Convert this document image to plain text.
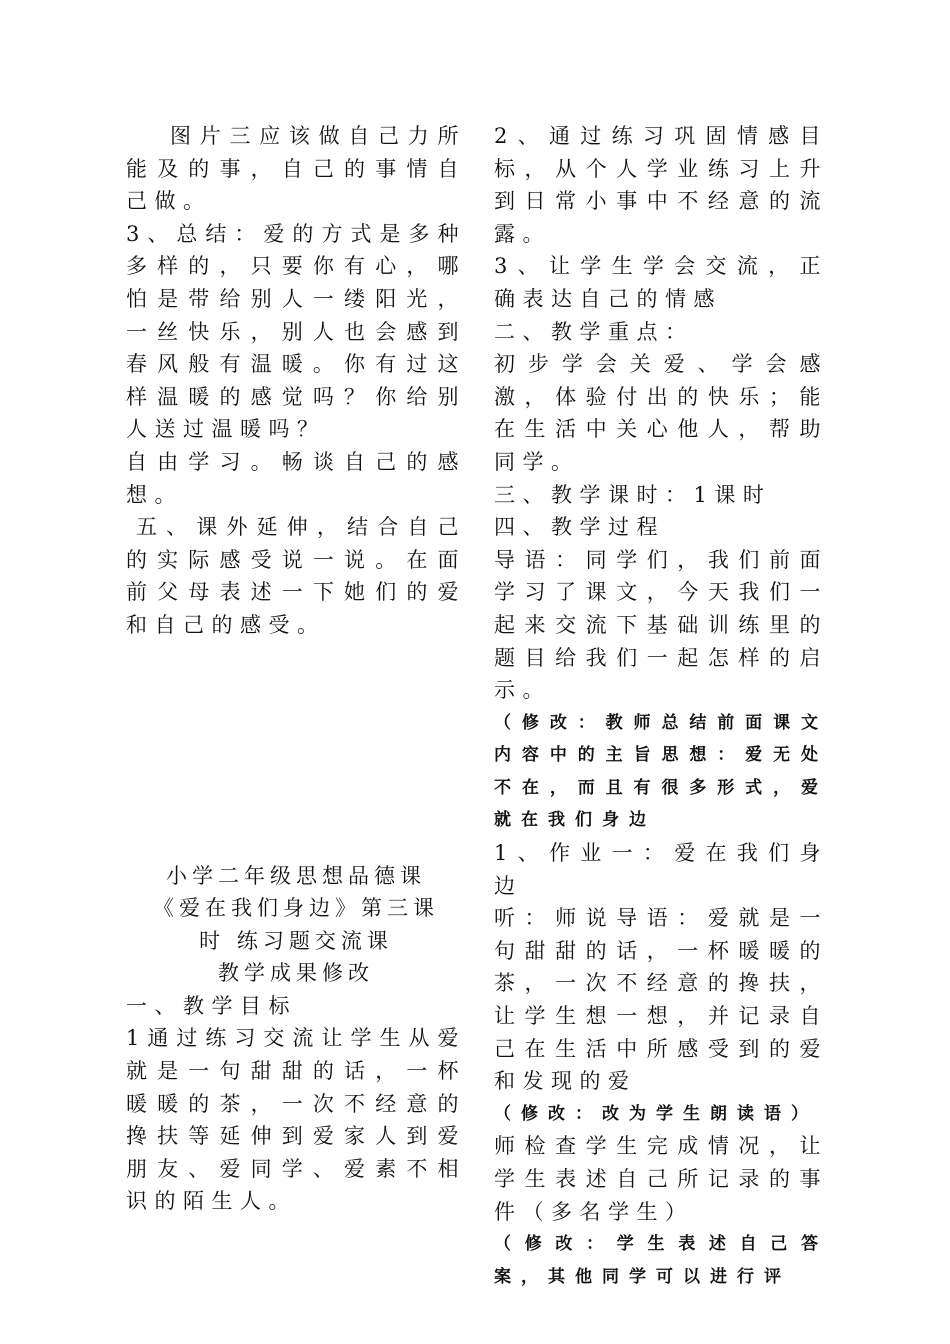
图片三应该做自己力所能及的事，自己的事情自己做。

3、总结：爱的方式是多种多样的，只要你有心，哪怕是带给别人一缕阳光，一丝快乐，别人也会感到春风般有温暖。你有过这样温暖的感觉吗？你给别人送过温暖吗？

自由学习。畅谈自己的感想。

五、课外延伸，结合自己的实际感受说一说。在面前父母表述一下她们的爱和自己的感受。

小学二年级思想品德课

《爱在我们身边》第三课

时 练习题交流课

教学成果修改

一、教学目标

1通过练习交流让学生从爱就是一句甜甜的话，一杯暖暖的茶，一次不经意的搀扶等延伸到爱家人到爱朋友、爱同学、爱素不相识的陌生人。

2、通过练习巩固情感目标，从个人学业练习上升到日常小事中不经意的流露。

3、让学生学会交流，正确表达自己的情感

二、教学重点：

初步学会关爱、学会感激，体验付出的快乐；能在生活中关心他人，帮助同学。

三、教学课时：1课时

四、教学过程

导语：同学们，我们前面学习了课文，今天我们一起来交流下基础训练里的题目给我们一起怎样的启示。

（修改：教师总结前面课文内容中的主旨思想：爱无处不在，而且有很多形式，爱就在我们身边

1、作业一：爱在我们身边

听：师说导语：爱就是一句甜甜的话，一杯暖暖的茶，一次不经意的搀扶，让学生想一想，并记录自己在生活中所感受到的爱和发现的爱

（修改：改为学生朗读语）

师检查学生完成情况，让学生表述自己所记录的事件（多名学生）

（修改：学生表述自己答案，其他同学可以进行评
